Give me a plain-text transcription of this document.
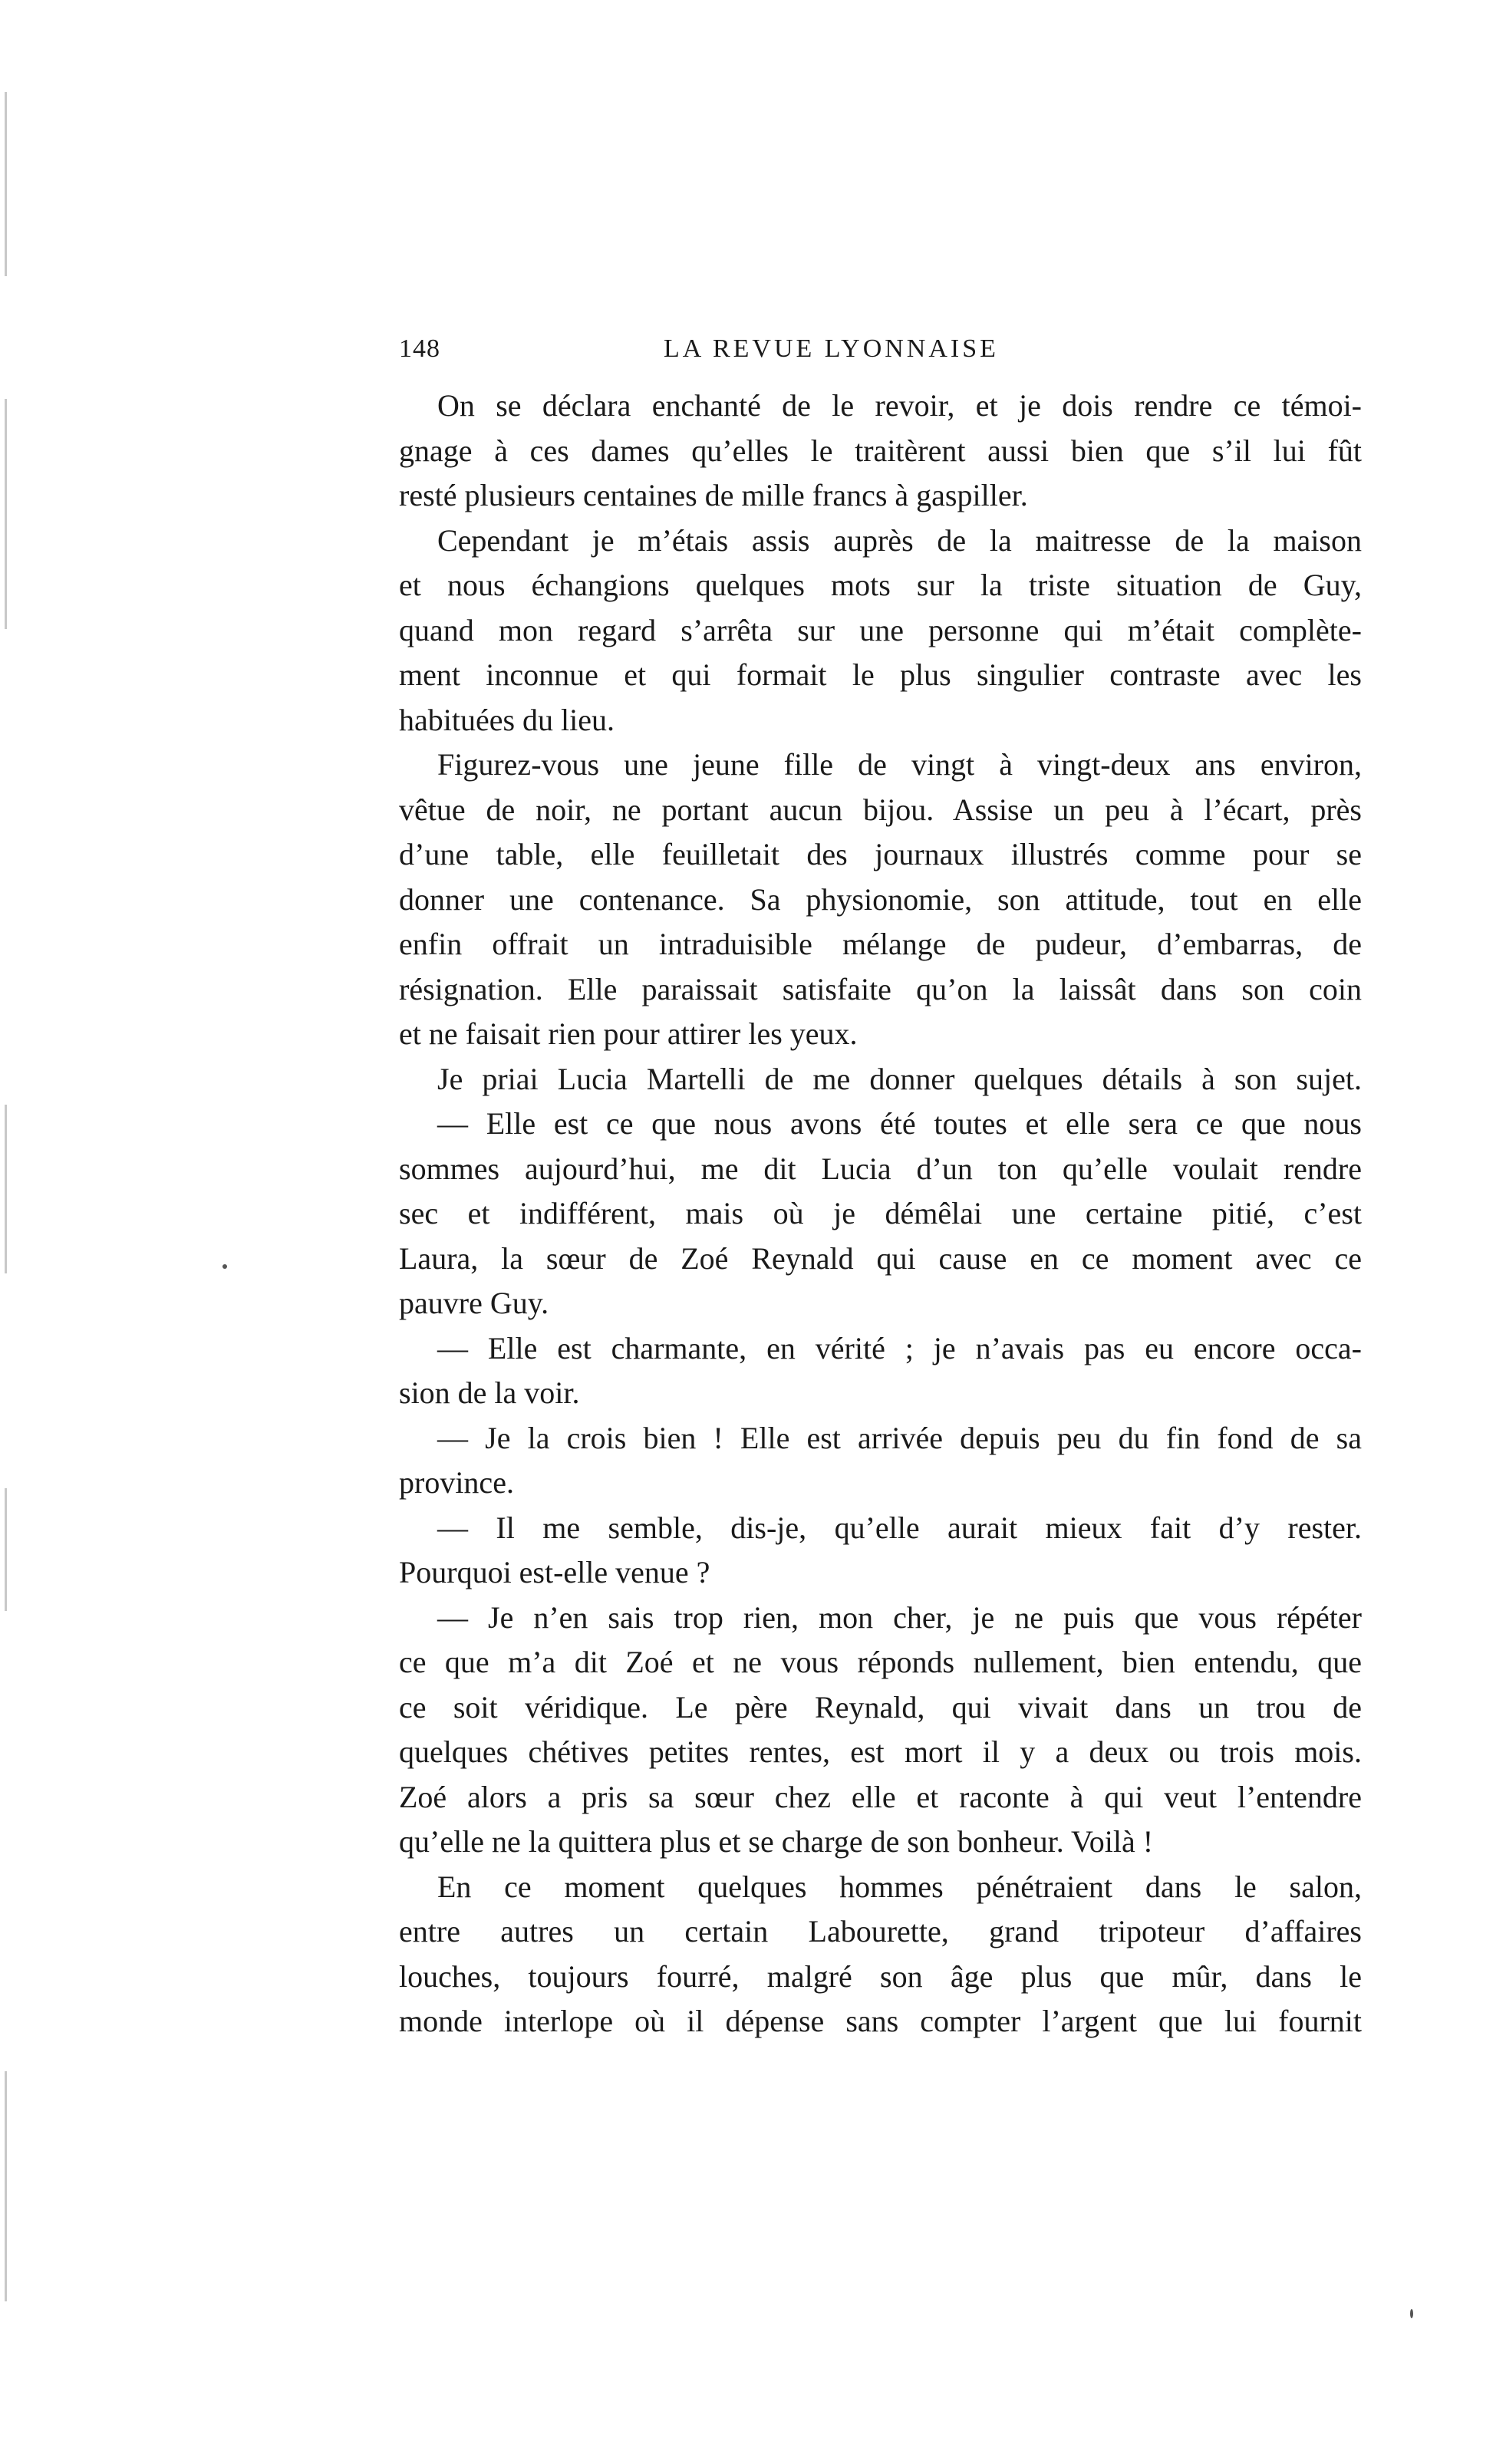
148	LA REVUE LYONNAISE
On se déclara enchanté de le revoir, et je dois rendre ce témoi-
gnage à ces dames qu’elles le traitèrent aussi bien que s’il lui fût
resté plusieurs centaines de mille francs à gaspiller.
Cependant je m’étais assis auprès de la maitresse de la maison
et nous échangions quelques mots sur la triste situation de Guy,
quand mon regard s’arrêta sur une personne qui m’était complète-
ment inconnue et qui formait le plus singulier contraste avec les
habituées du lieu.
Figurez-vous une jeune fille de vingt à vingt-deux ans environ,
vêtue de noir, ne portant aucun bijou. Assise un peu à l’écart, près
d’une table, elle feuilletait des journaux illustrés comme pour se
donner une contenance. Sa physionomie, son attitude, tout en elle
enfin offrait un intraduisible mélange de pudeur, d’embarras, de
résignation. Elle paraissait satisfaite qu’on la laissât dans son coin
et ne faisait rien pour attirer les yeux.
Je priai Lucia Martelli de me donner quelques détails à son sujet.
— Elle est ce que nous avons été toutes et elle sera ce que nous
sommes aujourd’hui, me dit Lucia d’un ton qu’elle voulait rendre
sec et indifférent, mais où je démêlai une certaine pitié, c’est
Laura, la sœur de Zoé Reynald qui cause en ce moment avec ce
pauvre Guy.
— Elle est charmante, en vérité ; je n’avais pas eu encore occa-
sion de la voir.
— Je la crois bien ! Elle est arrivée depuis peu du fin fond de sa
province.
— Il me semble, dis-je, qu’elle aurait mieux fait d’y rester.
Pourquoi est-elle venue ?
— Je n’en sais trop rien, mon cher, je ne puis que vous répéter
ce que m’a dit Zoé et ne vous réponds nullement, bien entendu, que
ce soit véridique. Le père Reynald, qui vivait dans un trou de
quelques chétives petites rentes, est mort il y a deux ou trois mois.
Zoé alors a pris sa sœur chez elle et raconte à qui veut l’entendre
qu’elle ne la quittera plus et se charge de son bonheur. Voilà !
En ce moment quelques hommes pénétraient dans le salon,
entre autres un certain Labourette, grand tripoteur d’affaires
louches, toujours fourré, malgré son âge plus que mûr, dans le
monde interlope où il dépense sans compter l’argent que lui fournit
